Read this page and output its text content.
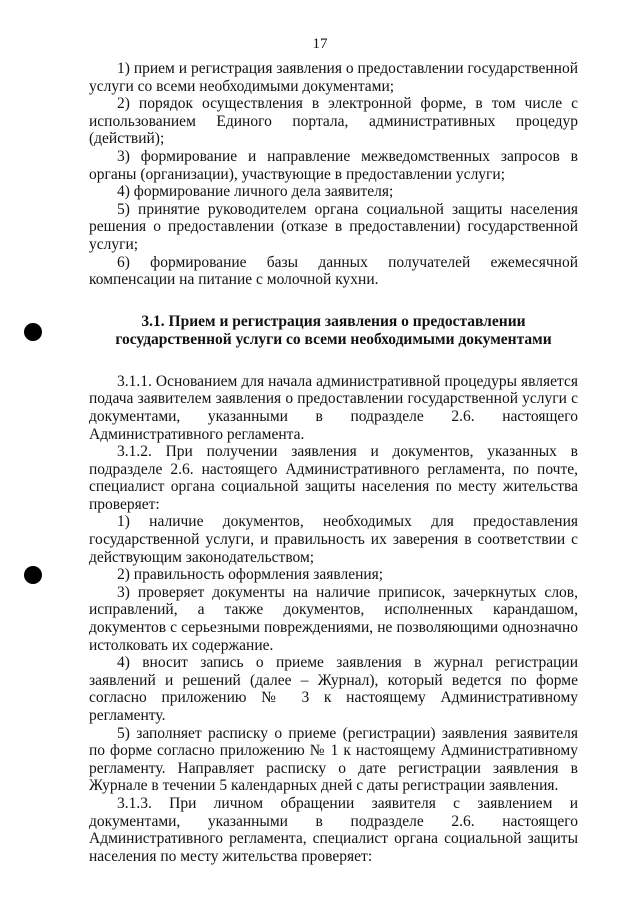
17

1) прием и регистрация заявления о предоставлении государственной услуги со всеми необходимыми документами;

2) порядок осуществления в электронной форме, в том числе с использованием Единого портала, административных процедур (действий);

3) формирование и направление межведомственных запросов в органы (организации), участвующие в предоставлении услуги;

4) формирование личного дела заявителя;

5) принятие руководителем органа социальной защиты населения решения о предоставлении (отказе в предоставлении) государственной услуги;

6) формирование базы данных получателей ежемесячной компенсации на питание с молочной кухни.

3.1. Прием и регистрация заявления о предоставлении
государственной услуги со всеми необходимыми документами

3.1.1. Основанием для начала административной процедуры является подача заявителем заявления о предоставлении государственной услуги с документами, указанными в подразделе 2.6. настоящего Административного регламента.

3.1.2. При получении заявления и документов, указанных в подразделе 2.6. настоящего Административного регламента, по почте, специалист органа социальной защиты населения по месту жительства проверяет:

1) наличие документов, необходимых для предоставления государственной услуги, и правильность их заверения в соответствии с действующим законодательством;

2) правильность оформления заявления;

3) проверяет документы на наличие приписок, зачеркнутых слов, исправлений, а также документов, исполненных карандашом, документов с серьезными повреждениями, не позволяющими однозначно истолковать их содержание.

4) вносит запись о приеме заявления в журнал регистрации заявлений и решений (далее – Журнал), который ведется по форме согласно приложению № 3 к настоящему Административному регламенту.

5) заполняет расписку о приеме (регистрации) заявления заявителя по форме согласно приложению № 1 к настоящему Административному регламенту. Направляет расписку о дате регистрации заявления в Журнале в течении 5 календарных дней с даты регистрации заявления.

3.1.3. При личном обращении заявителя с заявлением и документами, указанными в подразделе 2.6. настоящего Административного регламента, специалист органа социальной защиты населения по месту жительства проверяет:
